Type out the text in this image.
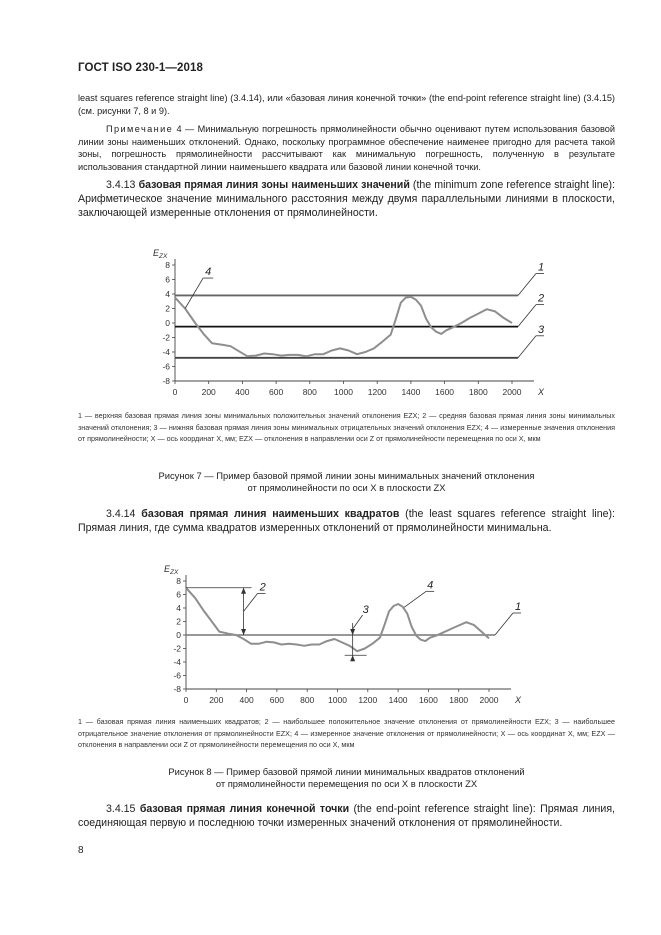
ГОСТ ISO 230-1—2018
least squares reference straight line) (3.4.14), или «базовая линия конечной точки» (the end-point reference straight line) (3.4.15) (см. рисунки 7, 8 и 9).
Примечание 4 — Минимальную погрешность прямолинейности обычно оценивают путем использования базовой линии зоны наименьших отклонений. Однако, поскольку программное обеспечение наименее пригодно для расчета такой зоны, погрешность прямолинейности рассчитывают как минимальную погрешность, полученную в результате использования стандартной линии наименьшего квадрата или базовой линии конечной точки.
3.4.13 базовая прямая линия зоны наименьших значений (the minimum zone reference straight line): Арифметическое значение минимального расстояния между двумя параллельными линиями в плоскости, заключающей измеренные отклонения от прямолинейности.
8
6
4
2
0
-2
-4
-6
-8
0	200 400 600 800 1000 1200 1400 1600 1800 2000 X
$E_{ZX}$
1
2
3
4
1 — верхняя базовая прямая линия зоны минимальных положительных значений отклонения EZX; 2 — средняя базовая прямая линия зоны минимальных значений отклонения; 3 — нижняя базовая прямая линия зоны минимальных отрицательных значений отклонения EZX; 4 — измеренные значения отклонения от прямолинейности; X — ось координат X, мм; EZX — отклонения в направлении оси Z от прямолинейности перемещения по оси X, мкм
Рисунок 7 — Пример базовой прямой линии зоны минимальных значений отклонения
от прямолинейности по оси X в плоскости ZX
3.4.14 базовая прямая линия наименьших квадратов (the least squares reference straight line): Прямая линия, где сумма квадратов измеренных отклонений от прямолинейности минимальна.
8
6
4
2
0
-2
-4
-6
-8
0 200 400 600 800 1000 1200 1400 1600 1800 2000 X
$E_{ZX}$
1
2
3
4
1 — базовая прямая линия наименьших квадратов; 2 — наибольшее положительное значение отклонения от прямолинейности EZX; 3 — наибольшее отрицательное значение отклонения от прямолинейности EZX; 4 — измеренное значение отклонения от прямолинейности; X — ось координат X, мм; EZX — отклонения в направлении оси Z от прямолинейности перемещения по оси X, мкм
Рисунок 8 — Пример базовой прямой линии минимальных квадратов отклонений
от прямолинейности перемещения по оси X в плоскости ZX
3.4.15 базовая прямая линия конечной точки (the end-point reference straight line): Прямая линия, соединяющая первую и последнюю точки измеренных значений отклонения от прямолинейности.
8
